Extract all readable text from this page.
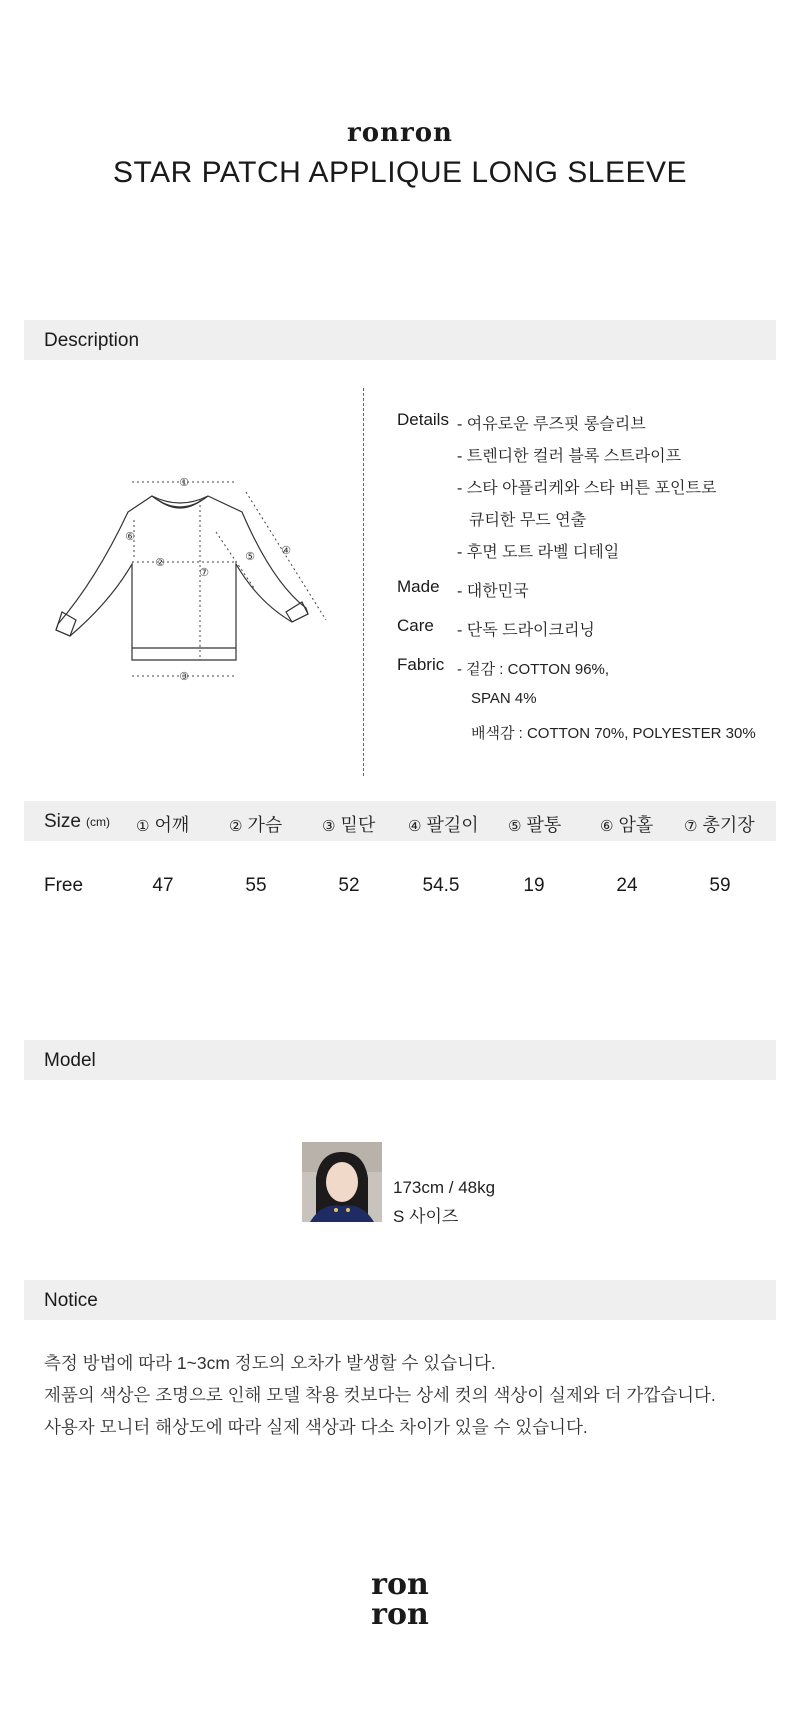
ronron
STAR PATCH APPLIQUE LONG SLEEVE
Description
①
②
③
④
⑤
⑥
⑦
Details - 여유로운 루즈핏 롱슬리브
- 트렌디한 컬러 블록 스트라이프
- 스타 아플리케와 스타 버튼 포인트로
큐티한 무드 연출
- 후면 도트 라벨 디테일
Made - 대한민국
Care - 단독 드라이크리닝
Fabric - 겉감 : COTTON 96%,
SPAN 4%
배색감 : COTTON 70%, POLYESTER 30%
Size (cm) ① 어깨	② 가슴	③ 밑단 ④ 팔길이 ⑤ 팔통	⑥ 암홀 ⑦ 총기장
Free	47	55	52	54.5	19	24	59
Model
173cm / 48kg
S 사이즈
Notice
측정 방법에 따라 1~3cm 정도의 오차가 발생할 수 있습니다.
제품의 색상은 조명으로 인해 모델 착용 컷보다는 상세 컷의 색상이 실제와 더 가깝습니다.
사용자 모니터 해상도에 따라 실제 색상과 다소 차이가 있을 수 있습니다.
ron
ron
